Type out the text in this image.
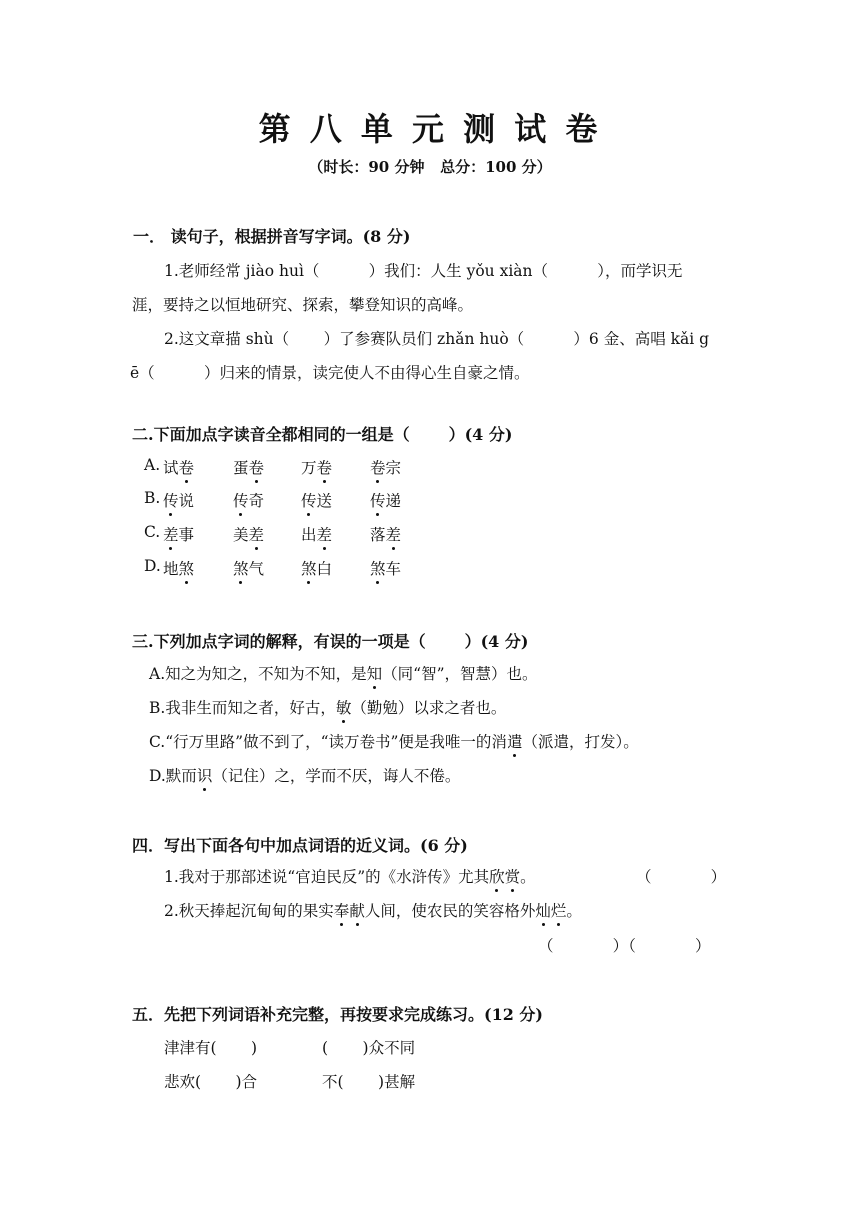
第 八 单 元 测 试 卷
（时长：90 分钟   总分：100 分）
一． 读句子，根据拼音写字词。(8 分)
1.老师经常 jiào huì（          ）我们：人生 yǒu xiàn（          ），而学识无
涯，要持之以恒地研究、探索，攀登知识的高峰。
2.这文章描 shù（       ）了参赛队员们 zhǎn huò（          ）6 金、高唱 kǎi g
ē（          ）归来的情景，读完使人不由得心生自豪之情。
二.下面加点字读音全都相同的一组是（       ）(4 分)
A. 试卷	蛋卷 万卷 卷宗
B. 传说	传奇 传送 传递
C. 差事	美差 出差 落差
D. 地煞	煞气 煞白 煞车
三.下列加点字词的解释，有误的一项是（       ）(4 分)
A.知之为知之，不知为不知，是知（同“智”，智慧）也。
B.我非生而知之者，好古，敏（勤勉）以求之者也。
C.“行万里路”做不到了，“读万卷书”便是我唯一的消遣（派遣，打发）。
D.默而识（记住）之，学而不厌，诲人不倦。
四．写出下面各句中加点词语的近义词。(6 分)
1.我对于那部述说“官迫民反”的《水浒传》尤其欣赏。	（            ）
2.秋天捧起沉甸甸的果实奉献人间，使农民的笑容格外灿烂。
（            ）（            ）
五．先把下列词语补充完整，再按要求完成练习。(12 分)
津津有(       )	(       )众不同
悲欢(       )合	不(       )甚解
